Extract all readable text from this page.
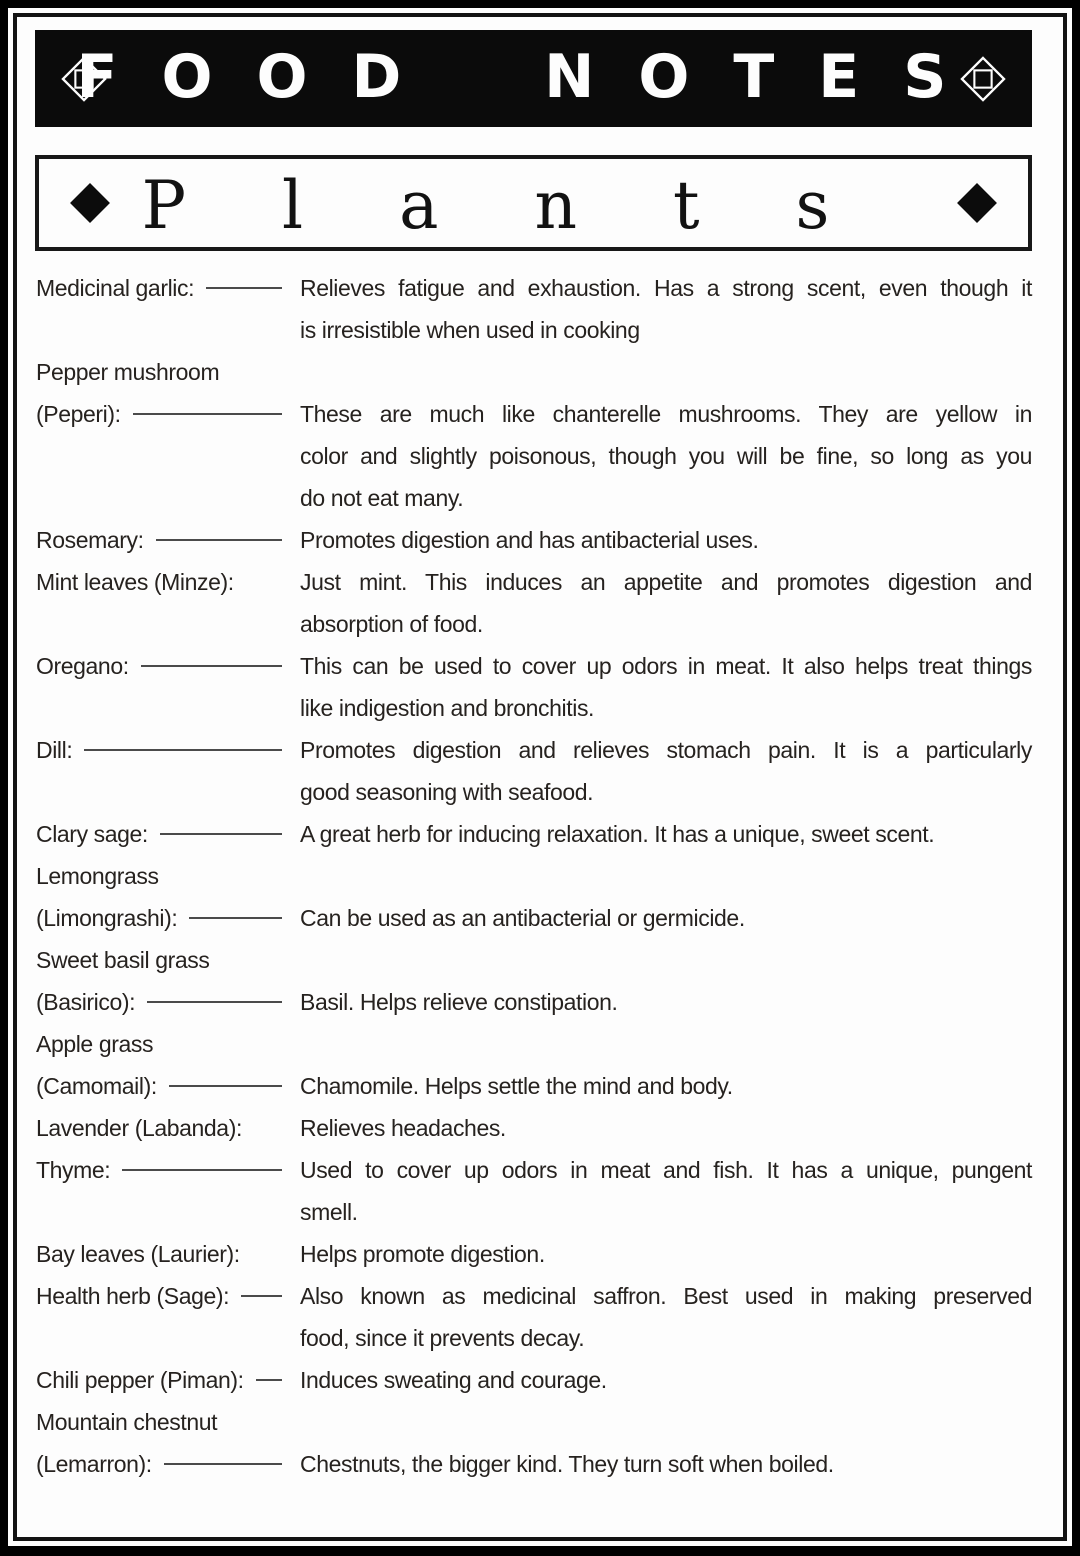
FOOD NOTES
Plants
Medicinal garlic:	Relieves fatigue and exhaustion. Has a strong scent, even though it
is irresistible when used in cooking
Pepper mushroom
(Peperi):	These are much like chanterelle mushrooms. They are yellow in
color and slightly poisonous, though you will be fine, so long as you
do not eat many.
Rosemary:	Promotes digestion and has antibacterial uses.
Mint leaves (Minze):	Just mint. This induces an appetite and promotes digestion and
absorption of food.
Oregano:	This can be used to cover up odors in meat. It also helps treat things
like indigestion and bronchitis.
Dill:	Promotes digestion and relieves stomach pain. It is a particularly
good seasoning with seafood.
Clary sage:	A great herb for inducing relaxation. It has a unique, sweet scent.
Lemongrass
(Limongrashi):	Can be used as an antibacterial or germicide.
Sweet basil grass
(Basirico):	Basil. Helps relieve constipation.
Apple grass
(Camomail):	Chamomile. Helps settle the mind and body.
Lavender (Labanda):	Relieves headaches.
Thyme:	Used to cover up odors in meat and fish. It has a unique, pungent
smell.
Bay leaves (Laurier):	Helps promote digestion.
Health herb (Sage):	Also known as medicinal saffron. Best used in making preserved
food, since it prevents decay.
Chili pepper (Piman): Induces sweating and courage.
Mountain chestnut
(Lemarron):	Chestnuts, the bigger kind. They turn soft when boiled.
